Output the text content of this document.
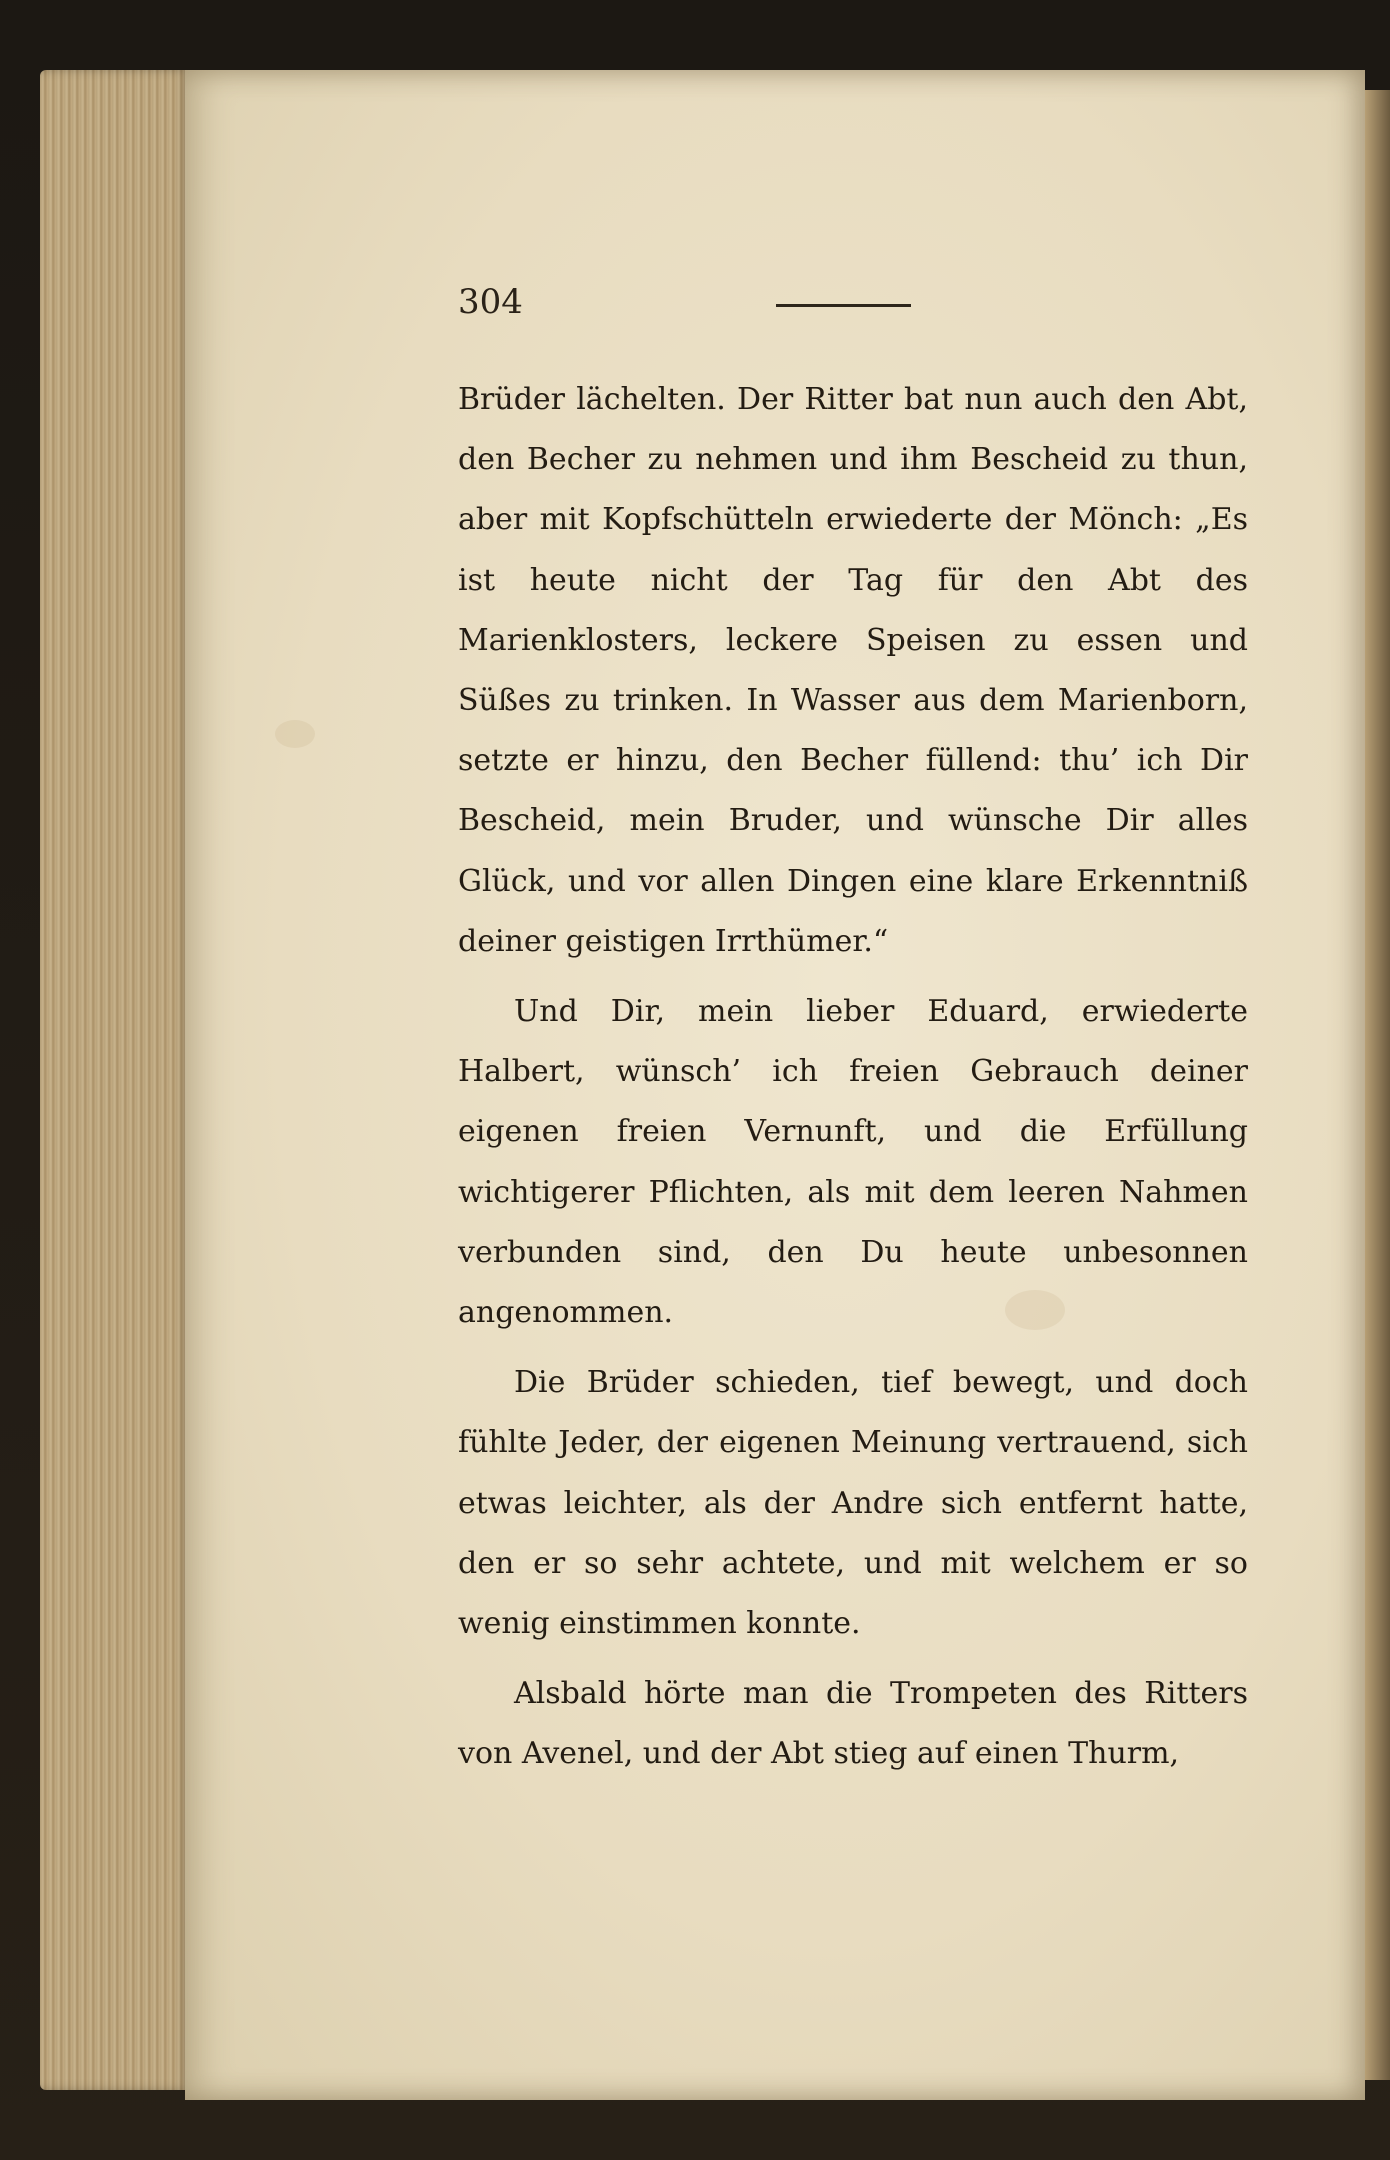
304

Brüder lächelten. Der Ritter bat nun auch den Abt, den Becher zu nehmen und ihm Bescheid zu thun, aber mit Kopfschütteln erwiederte der Mönch: „Es ist heute nicht der Tag für den Abt des Marienklosters, leckere Speisen zu essen und Süßes zu trinken. In Wasser aus dem Marienborn, setzte er hinzu, den Becher füllend: thu’ ich Dir Bescheid, mein Bruder, und wünsche Dir alles Glück, und vor allen Dingen eine klare Erkenntniß deiner geistigen Irrthümer.“

Und Dir, mein lieber Eduard, erwiederte Halbert, wünsch’ ich freien Gebrauch deiner eigenen freien Vernunft, und die Erfüllung wichtigerer Pflichten, als mit dem leeren Nahmen verbunden sind, den Du heute unbesonnen angenommen.

Die Brüder schieden, tief bewegt, und doch fühlte Jeder, der eigenen Meinung vertrauend, sich etwas leichter, als der Andre sich entfernt hatte, den er so sehr achtete, und mit welchem er so wenig einstimmen konnte.

Alsbald hörte man die Trompeten des Ritters von Avenel, und der Abt stieg auf einen Thurm,
